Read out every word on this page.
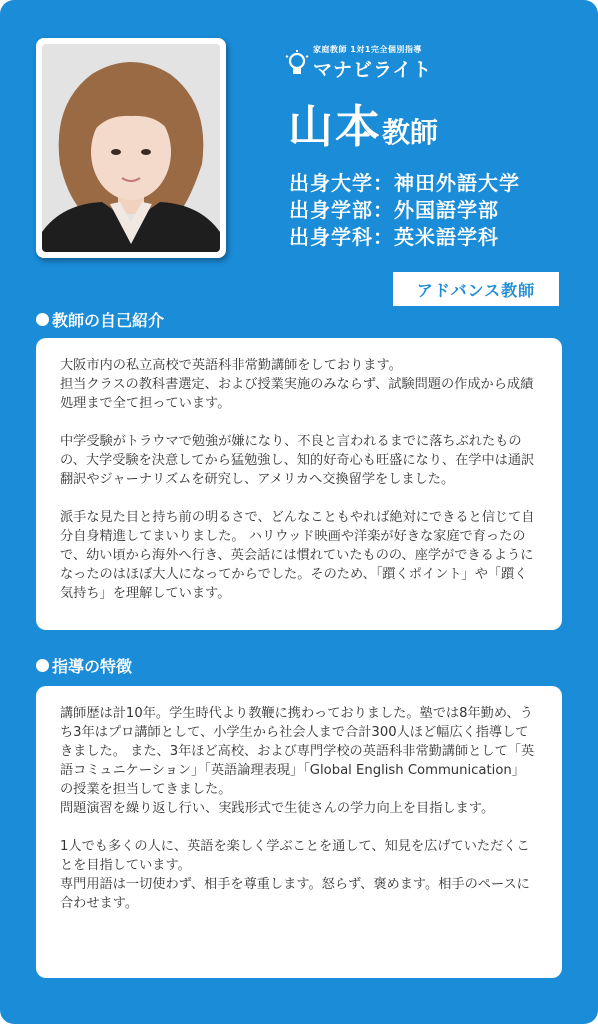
家庭教師 1対1完全個別指導
マナビライト
山本教師
出身大学：神田外語大学
出身学部：外国語学部
出身学科：英米語学科
アドバンス教師
教師の自己紹介

大阪市内の私立高校で英語科非常勤講師をしております。
担当クラスの教科書選定、および授業実施のみならず、試験問題の作成から成績処理まで全て担っています。

中学受験がトラウマで勉強が嫌になり、不良と言われるまでに落ちぶれたものの、大学受験を決意してから猛勉強し、知的好奇心も旺盛になり、在学中は通訳翻訳やジャーナリズムを研究し、アメリカへ交換留学をしました。

派手な見た目と持ち前の明るさで、どんなこともやれば絶対にできると信じて自分自身精進してまいりました。 ハリウッド映画や洋楽が好きな家庭で育ったので、幼い頃から海外へ行き、英会話には慣れていたものの、座学ができるようになったのはほぼ大人になってからでした。そのため、「躓くポイント」や「躓く気持ち」を理解しています。

指導の特徴

講師歴は計10年。学生時代より教鞭に携わっておりました。塾では8年勤め、うち3年はプロ講師として、小学生から社会人まで合計300人ほど幅広く指導してきました。 また、3年ほど高校、および専門学校の英語科非常勤講師として「英語コミュニケーション」「英語論理表現」「Global English Communication」の授業を担当してきました。
問題演習を繰り返し行い、実践形式で生徒さんの学力向上を目指します。

1人でも多くの人に、英語を楽しく学ぶことを通して、知見を広げていただくことを目指しています。
専門用語は一切使わず、相手を尊重します。怒らず、褒めます。相手のペースに合わせます。
